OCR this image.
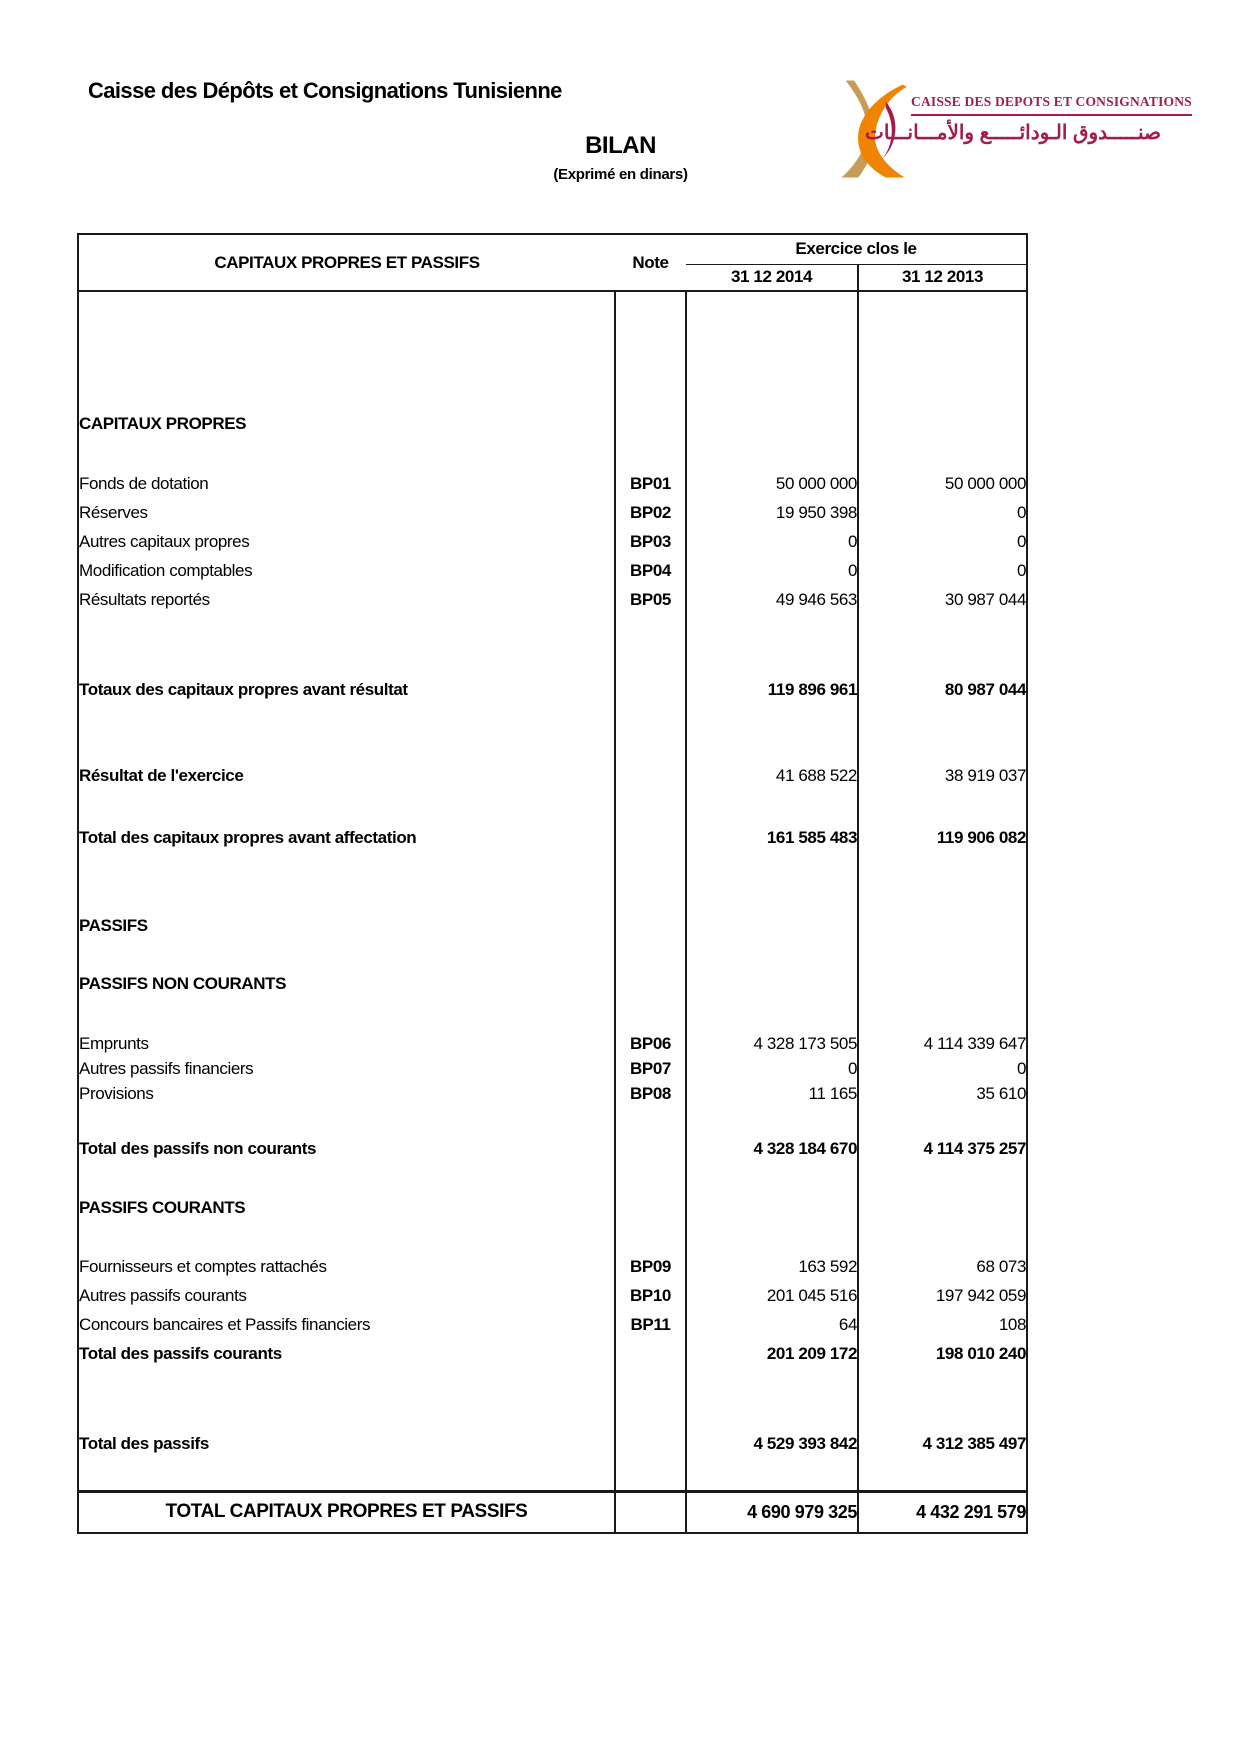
Caisse des Dépôts et Consignations Tunisienne	CAISSE DES DEPOTS ET CONSIGNATIONS
صنـــــدوق الـودائـــــع والأمـــانـــات
BILAN
(Exprimé en dinars)
CAPITAUX PROPRES ET PASSIFS	Note	Exercice clos le	
		31 12 2014	31 12 2013

CAPITAUX PROPRES			

Fonds de dotation	BP01	50 000 000	50 000 000
Réserves	BP02	19 950 398	0
Autres capitaux propres	BP03	0	0
Modification comptables	BP04	0	0
Résultats reportés	BP05	49 946 563	30 987 044

Totaux des capitaux propres avant résultat		119 896 961	80 987 044

Résultat de l'exercice		41 688 522	38 919 037

Total des capitaux propres avant affectation		161 585 483	119 906 082

PASSIFS			

PASSIFS NON COURANTS			

Emprunts	BP06	4 328 173 505	4 114 339 647
Autres passifs financiers	BP07	0	0
Provisions	BP08	11 165	35 610

Total des passifs non courants		4 328 184 670	4 114 375 257

PASSIFS COURANTS			

Fournisseurs et comptes rattachés	BP09	163 592	68 073
Autres passifs courants	BP10	201 045 516	197 942 059
Concours bancaires et Passifs financiers	BP11	64	108
Total des passifs courants		201 209 172	198 010 240

Total des passifs		4 529 393 842	4 312 385 497

TOTAL CAPITAUX PROPRES ET PASSIFS		4 690 979 325	4 432 291 579
